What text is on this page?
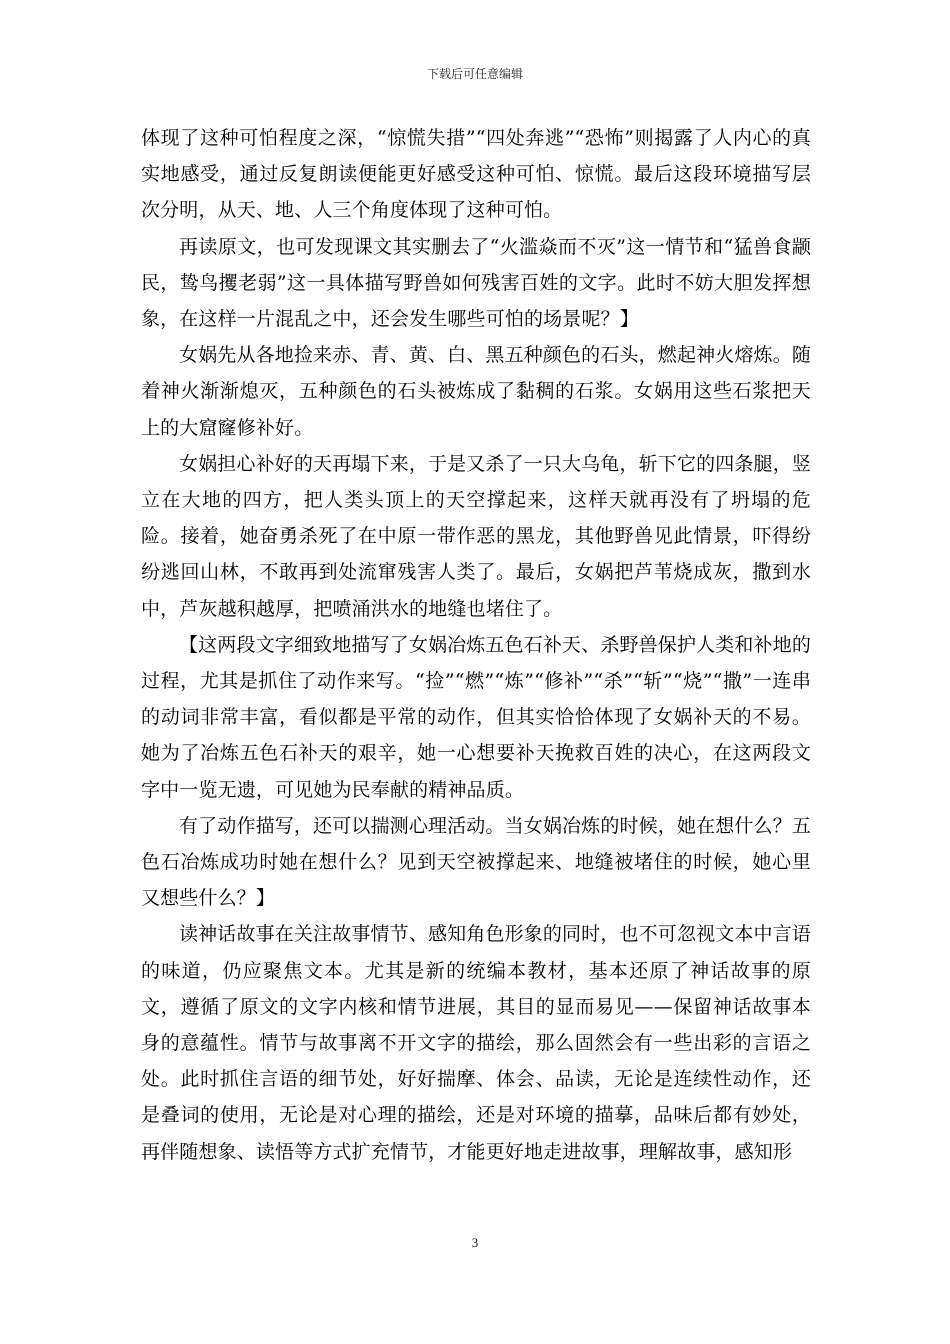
下载后可任意编辑

体现了这种可怕程度之深，“惊慌失措”“四处奔逃”“恐怖”则揭露了人内心的真实地感受，通过反复朗读便能更好感受这种可怕、惊慌。最后这段环境描写层次分明，从天、地、人三个角度体现了这种可怕。

再读原文，也可发现课文其实删去了“火滥焱而不灭”这一情节和“猛兽食颛民，鸷鸟攫老弱”这一具体描写野兽如何残害百姓的文字。此时不妨大胆发挥想象，在这样一片混乱之中，还会发生哪些可怕的场景呢？】

女娲先从各地捡来赤、青、黄、白、黑五种颜色的石头，燃起神火熔炼。随着神火渐渐熄灭，五种颜色的石头被炼成了黏稠的石浆。女娲用这些石浆把天上的大窟窿修补好。

女娲担心补好的天再塌下来，于是又杀了一只大乌龟，斩下它的四条腿，竖立在大地的四方，把人类头顶上的天空撑起来，这样天就再没有了坍塌的危险。接着，她奋勇杀死了在中原一带作恶的黑龙，其他野兽见此情景，吓得纷纷逃回山林，不敢再到处流窜残害人类了。最后，女娲把芦苇烧成灰，撒到水中，芦灰越积越厚，把喷涌洪水的地缝也堵住了。

【这两段文字细致地描写了女娲冶炼五色石补天、杀野兽保护人类和补地的过程，尤其是抓住了动作来写。“捡”“燃”“炼”“修补”“杀”“斩”“烧”“撒”一连串的动词非常丰富，看似都是平常的动作，但其实恰恰体现了女娲补天的不易。她为了冶炼五色石补天的艰辛，她一心想要补天挽救百姓的决心，在这两段文字中一览无遗，可见她为民奉献的精神品质。

有了动作描写，还可以揣测心理活动。当女娲冶炼的时候，她在想什么？五色石冶炼成功时她在想什么？见到天空被撑起来、地缝被堵住的时候，她心里又想些什么？】

读神话故事在关注故事情节、感知角色形象的同时，也不可忽视文本中言语的味道，仍应聚焦文本。尤其是新的统编本教材，基本还原了神话故事的原文，遵循了原文的文字内核和情节进展，其目的显而易见——保留神话故事本身的意蕴性。情节与故事离不开文字的描绘，那么固然会有一些出彩的言语之处。此时抓住言语的细节处，好好揣摩、体会、品读，无论是连续性动作，还是叠词的使用，无论是对心理的描绘，还是对环境的描摹，品味后都有妙处，再伴随想象、读悟等方式扩充情节，才能更好地走进故事，理解故事，感知形

3
